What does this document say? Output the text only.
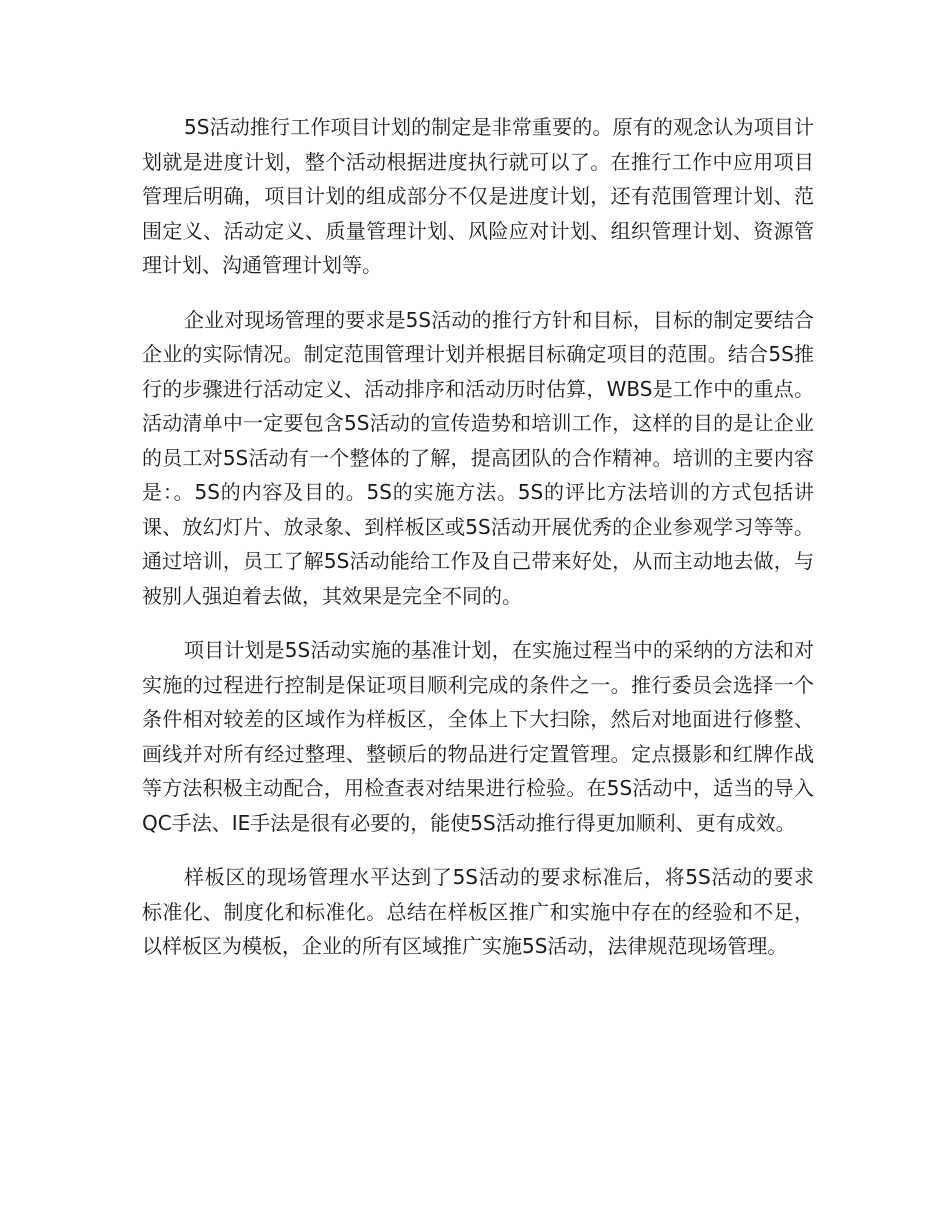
5S活动推行工作项目计划的制定是非常重要的。原有的观念认为项目计划就是进度计划，整个活动根据进度执行就可以了。在推行工作中应用项目管理后明确，项目计划的组成部分不仅是进度计划，还有范围管理计划、范围定义、活动定义、质量管理计划、风险应对计划、组织管理计划、资源管理计划、沟通管理计划等。

企业对现场管理的要求是5S活动的推行方针和目标，目标的制定要结合企业的实际情况。制定范围管理计划并根据目标确定项目的范围。结合5S推行的步骤进行活动定义、活动排序和活动历时估算，WBS是工作中的重点。活动清单中一定要包含5S活动的宣传造势和培训工作，这样的目的是让企业的员工对5S活动有一个整体的了解，提高团队的合作精神。培训的主要内容是：。5S的内容及目的。5S的实施方法。5S的评比方法培训的方式包括讲课、放幻灯片、放录象、到样板区或5S活动开展优秀的企业参观学习等等。通过培训，员工了解5S活动能给工作及自己带来好处，从而主动地去做，与被别人强迫着去做，其效果是完全不同的。

项目计划是5S活动实施的基准计划，在实施过程当中的采纳的方法和对实施的过程进行控制是保证项目顺利完成的条件之一。推行委员会选择一个条件相对较差的区域作为样板区，全体上下大扫除，然后对地面进行修整、画线并对所有经过整理、整顿后的物品进行定置管理。定点摄影和红牌作战等方法积极主动配合，用检查表对结果进行检验。在5S活动中，适当的导入QC手法、IE手法是很有必要的，能使5S活动推行得更加顺利、更有成效。

样板区的现场管理水平达到了5S活动的要求标准后，将5S活动的要求标准化、制度化和标准化。总结在样板区推广和实施中存在的经验和不足，以样板区为模板，企业的所有区域推广实施5S活动，法律规范现场管理。
